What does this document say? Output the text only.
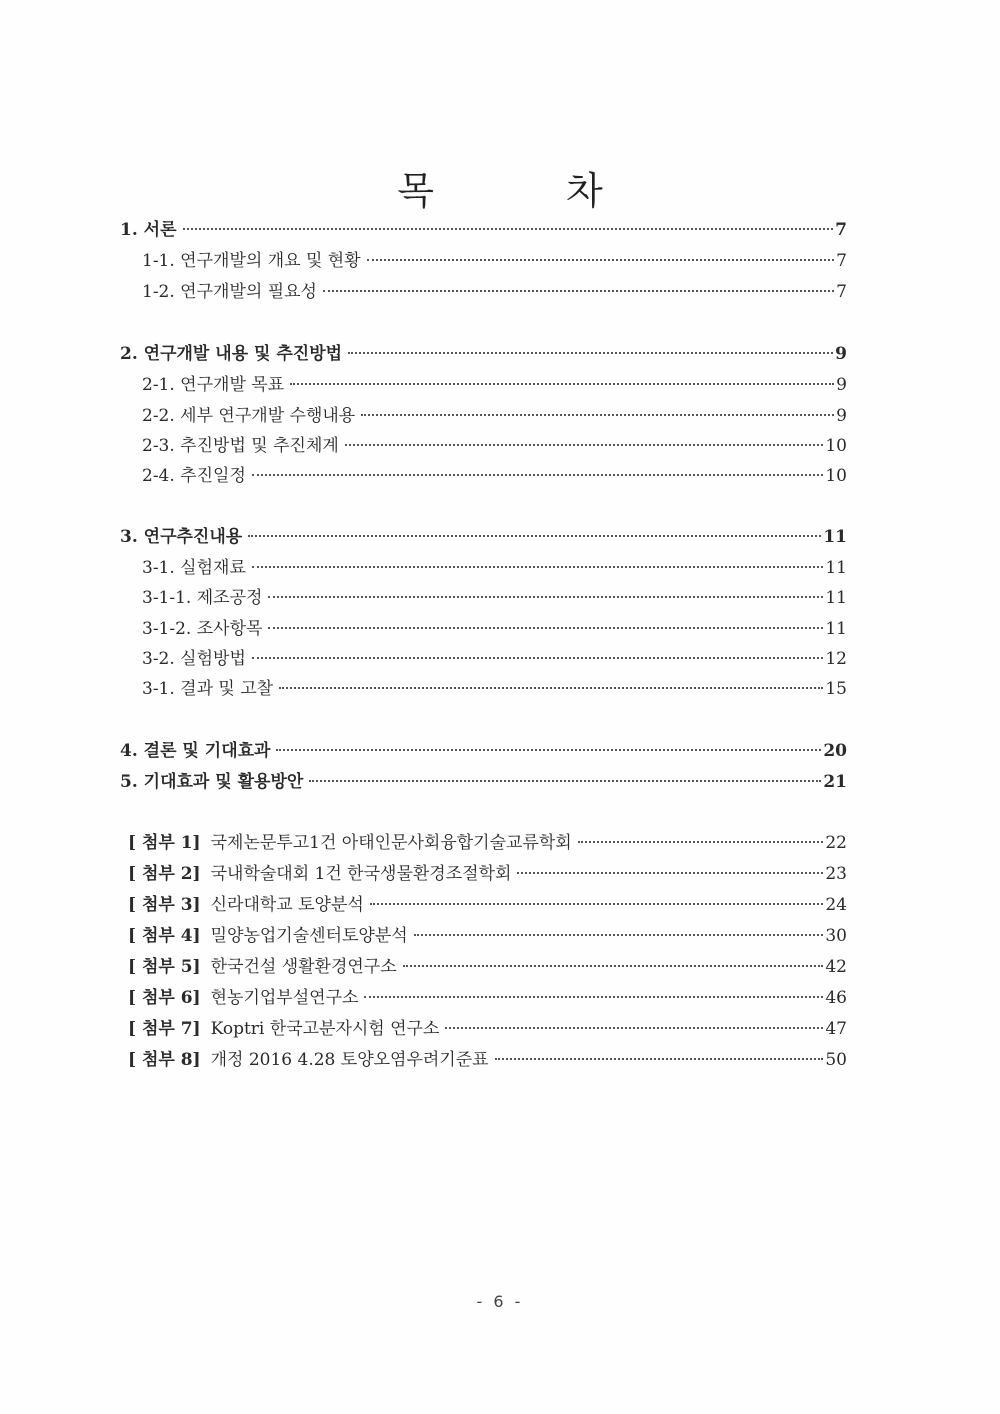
목 차
1. 서론	7
1-1. 연구개발의 개요 및 현황	7
1-2. 연구개발의 필요성	7
2. 연구개발 내용 및 추진방법	9
2-1. 연구개발 목표	9
2-2. 세부 연구개발 수행내용	9
2-3. 추진방법 및 추진체계	10
2-4. 추진일정	10
3. 연구추진내용	11
3-1. 실험재료	11
3-1-1. 제조공정	11
3-1-2. 조사항목	11
3-2. 실험방법	12
3-1. 결과 및 고찰	15
4. 결론 및 기대효과	20
5. 기대효과 및 활용방안	21
[ 첨부 1] 국제논문투고1건 아태인문사회융합기술교류학회	22
[ 첨부 2] 국내학술대회 1건 한국생물환경조절학회	23
[ 첨부 3] 신라대학교 토양분석	24
[ 첨부 4] 밀양농업기술센터토양분석	30
[ 첨부 5] 한국건설 생활환경연구소	42
[ 첨부 6] 현농기업부설연구소	46
[ 첨부 7] Koptri 한국고분자시험 연구소	47
[ 첨부 8] 개정 2016 4.28 토양오염우려기준표	50
- 6 -
